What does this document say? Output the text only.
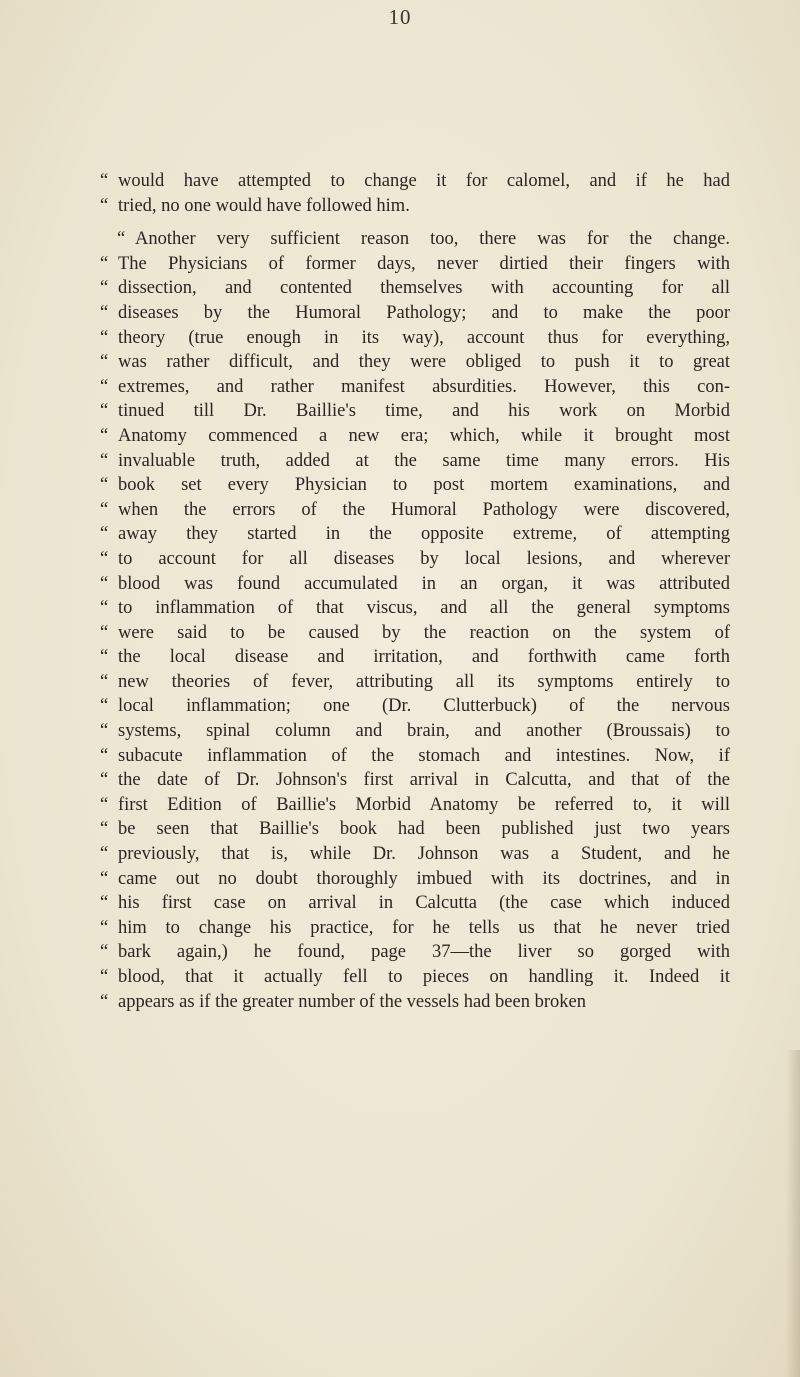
10
“ would have attempted to change it for calomel, and if he had
“ tried, no one would have followed him.
“ Another very sufficient reason too, there was for the change.
“ The Physicians of former days, never dirtied their fingers with
“ dissection, and contented themselves with accounting for all
“ diseases by the Humoral Pathology; and to make the poor
“ theory (true enough in its way), account thus for everything,
“ was rather difficult, and they were obliged to push it to great
“ extremes, and rather manifest absurdities. However, this con-
“ tinued till Dr. Baillie's time, and his work on Morbid
“ Anatomy commenced a new era; which, while it brought most
“ invaluable truth, added at the same time many errors. His
“ book set every Physician to post mortem examinations, and
“ when the errors of the Humoral Pathology were discovered,
“ away they started in the opposite extreme, of attempting
“ to account for all diseases by local lesions, and wherever
“ blood was found accumulated in an organ, it was attributed
“ to inflammation of that viscus, and all the general symptoms
“ were said to be caused by the reaction on the system of
“ the local disease and irritation, and forthwith came forth
“ new theories of fever, attributing all its symptoms entirely to
“ local inflammation; one (Dr. Clutterbuck) of the nervous
“ systems, spinal column and brain, and another (Broussais) to
“ subacute inflammation of the stomach and intestines. Now, if
“ the date of Dr. Johnson's first arrival in Calcutta, and that of the
“ first Edition of Baillie's Morbid Anatomy be referred to, it will
“ be seen that Baillie's book had been published just two years
“ previously, that is, while Dr. Johnson was a Student, and he
“ came out no doubt thoroughly imbued with its doctrines, and in
“ his first case on arrival in Calcutta (the case which induced
“ him to change his practice, for he tells us that he never tried
“ bark again,) he found, page 37—the liver so gorged with
“ blood, that it actually fell to pieces on handling it. Indeed it
“ appears as if the greater number of the vessels had been broken
